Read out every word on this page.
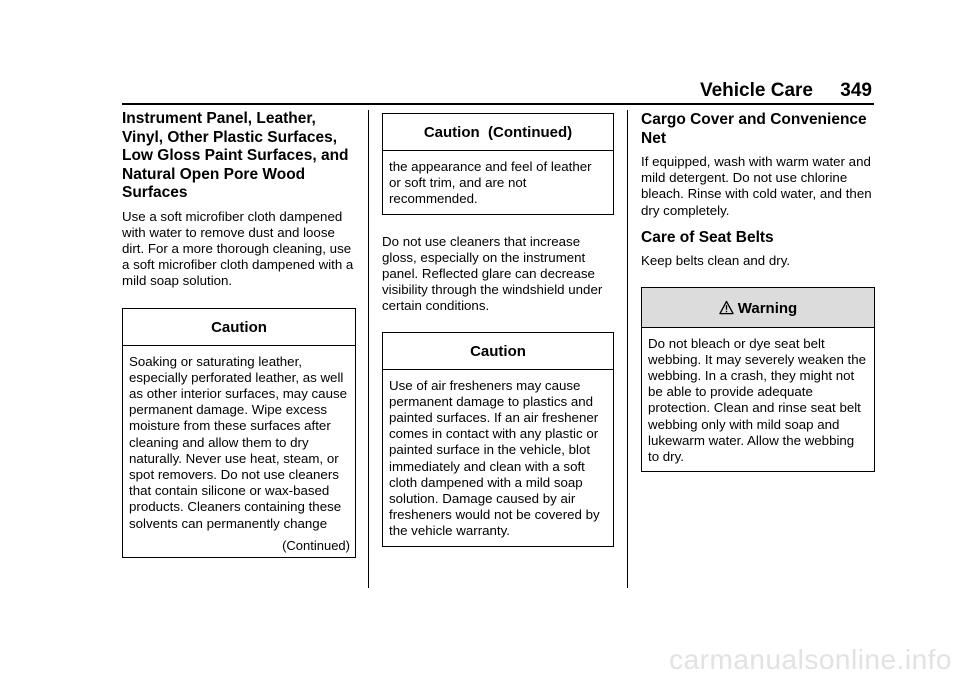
Vehicle Care 349
Instrument Panel, Leather, Vinyl, Other Plastic Surfaces, Low Gloss Paint Surfaces, and Natural Open Pore Wood Surfaces

Use a soft microfiber cloth dampened with water to remove dust and loose dirt. For a more thorough cleaning, use a soft microfiber cloth dampened with a mild soap solution.

Caution
Soaking or saturating leather, especially perforated leather, as well as other interior surfaces, may cause permanent damage. Wipe excess moisture from these surfaces after cleaning and allow them to dry naturally. Never use heat, steam, or spot removers. Do not use cleaners that contain silicone or wax-based products. Cleaners containing these solvents can permanently change
(Continued)
Caution  (Continued)
the appearance and feel of leather or soft trim, and are not recommended.

Do not use cleaners that increase gloss, especially on the instrument panel. Reflected glare can decrease visibility through the windshield under certain conditions.

Caution
Use of air fresheners may cause permanent damage to plastics and painted surfaces. If an air freshener comes in contact with any plastic or painted surface in the vehicle, blot immediately and clean with a soft cloth dampened with a mild soap solution. Damage caused by air fresheners would not be covered by the vehicle warranty.
Cargo Cover and Convenience Net

If equipped, wash with warm water and mild detergent. Do not use chlorine bleach. Rinse with cold water, and then dry completely.

Care of Seat Belts

Keep belts clean and dry.

Warning
Do not bleach or dye seat belt webbing. It may severely weaken the webbing. In a crash, they might not be able to provide adequate protection. Clean and rinse seat belt webbing only with mild soap and lukewarm water. Allow the webbing to dry.
carmanualsonline.info
